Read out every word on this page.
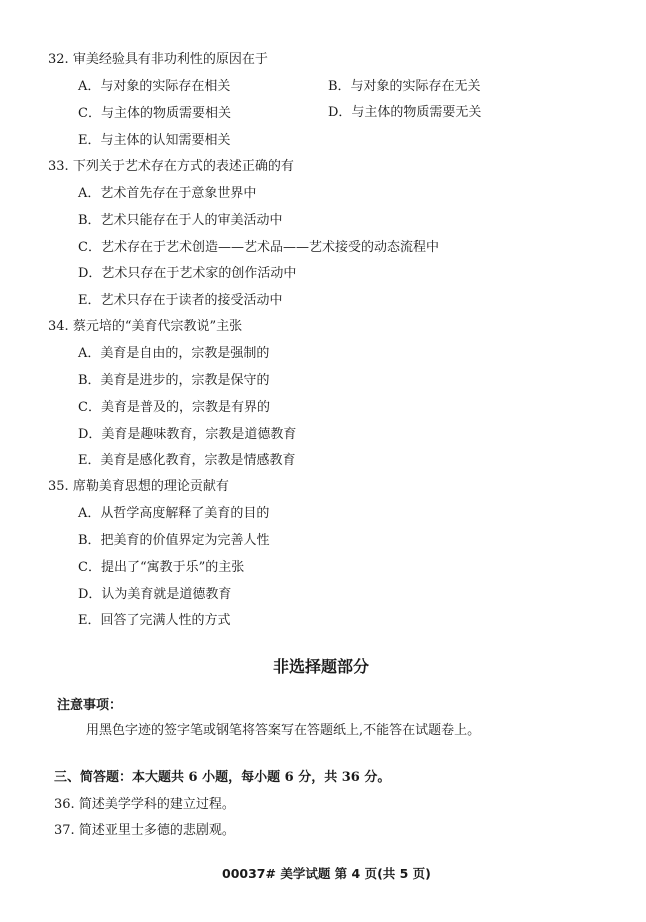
32. 审美经验具有非功利性的原因在于
A．与对象的实际存在相关	B．与对象的实际存在无关
C．与主体的物质需要相关	D．与主体的物质需要无关
E．与主体的认知需要相关
33. 下列关于艺术存在方式的表述正确的有
A．艺术首先存在于意象世界中
B．艺术只能存在于人的审美活动中
C．艺术存在于艺术创造——艺术品——艺术接受的动态流程中
D．艺术只存在于艺术家的创作活动中
E．艺术只存在于读者的接受活动中
34. 蔡元培的“美育代宗教说”主张
A．美育是自由的，宗教是强制的
B．美育是进步的，宗教是保守的
C．美育是普及的，宗教是有界的
D．美育是趣味教育，宗教是道德教育
E．美育是感化教育，宗教是情感教育
35. 席勒美育思想的理论贡献有
A．从哲学高度解释了美育的目的
B．把美育的价值界定为完善人性
C．提出了“寓教于乐”的主张
D．认为美育就是道德教育
E．回答了完满人性的方式
非选择题部分
注意事项：
用黑色字迹的签字笔或钢笔将答案写在答题纸上,不能答在试题卷上。
三、简答题：本大题共 6 小题，每小题 6 分，共 36 分。
36. 简述美学学科的建立过程。
37. 简述亚里士多德的悲剧观。
00037# 美学试题 第 4 页(共 5 页)
